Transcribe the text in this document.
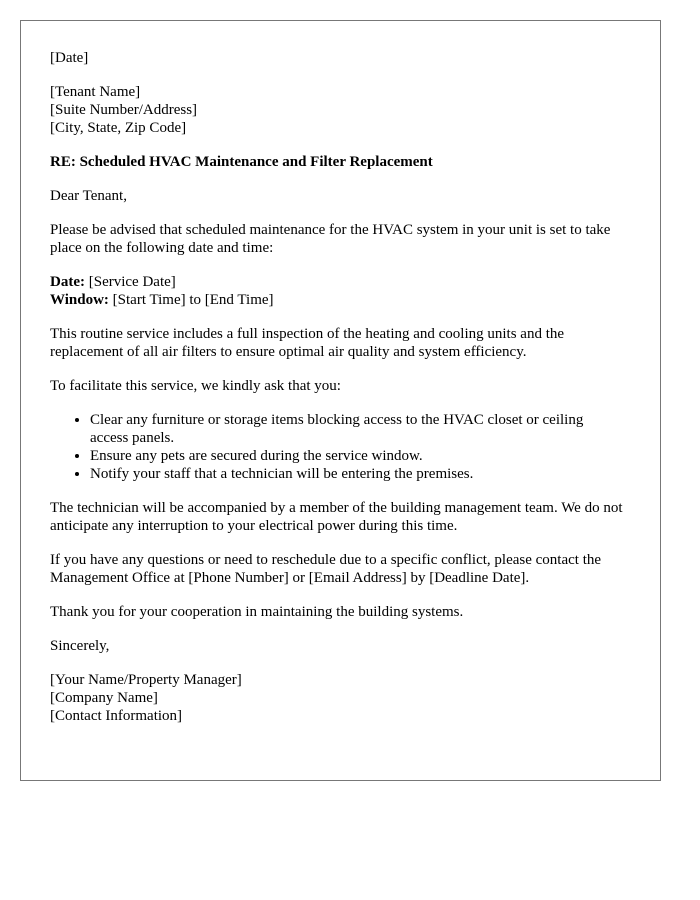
[Date]

[Tenant Name]
[Suite Number/Address]
[City, State, Zip Code]

RE: Scheduled HVAC Maintenance and Filter Replacement

Dear Tenant,

Please be advised that scheduled maintenance for the HVAC system in your unit is set to take place on the following date and time:

Date: [Service Date]
Window: [Start Time] to [End Time]

This routine service includes a full inspection of the heating and cooling units and the replacement of all air filters to ensure optimal air quality and system efficiency.

To facilitate this service, we kindly ask that you:

• Clear any furniture or storage items blocking access to the HVAC closet or ceiling access panels.
• Ensure any pets are secured during the service window.
• Notify your staff that a technician will be entering the premises.

The technician will be accompanied by a member of the building management team. We do not anticipate any interruption to your electrical power during this time.

If you have any questions or need to reschedule due to a specific conflict, please contact the Management Office at [Phone Number] or [Email Address] by [Deadline Date].

Thank you for your cooperation in maintaining the building systems.

Sincerely,

[Your Name/Property Manager]
[Company Name]
[Contact Information]
